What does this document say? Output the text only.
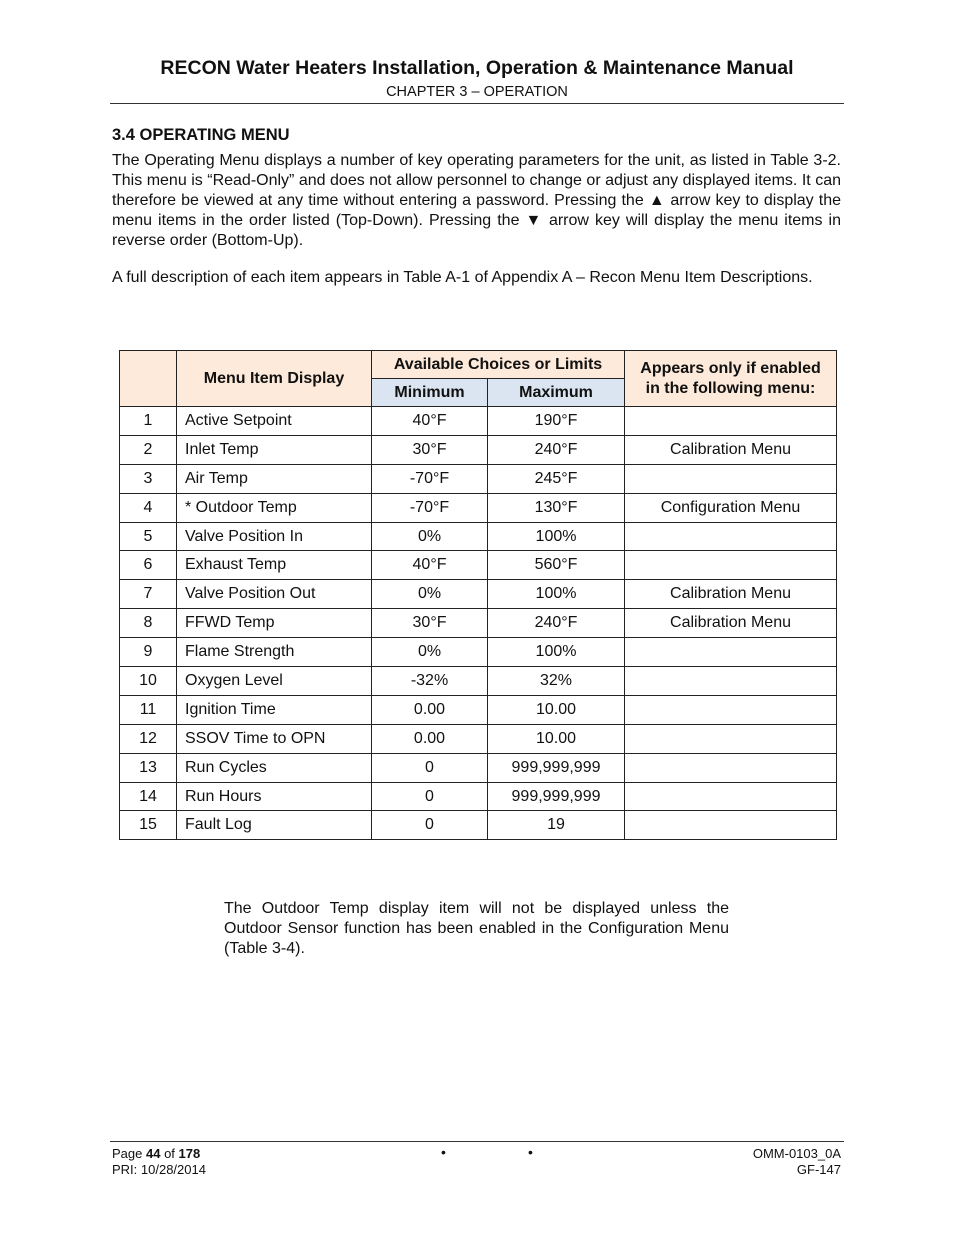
RECON Water Heaters Installation, Operation & Maintenance Manual
CHAPTER 3 – OPERATION
3.4 OPERATING MENU

The Operating Menu displays a number of key operating parameters for the unit, as listed in Table 3-2. This menu is “Read-Only” and does not allow personnel to change or adjust any displayed items. It can therefore be viewed at any time without entering a password. Pressing the ▲ arrow key to display the menu items in the order listed (Top-Down). Pressing the ▼ arrow key will display the menu items in reverse order (Bottom-Up).

A full description of each item appears in Table A-1 of Appendix A – Recon Menu Item Descriptions.

	Menu Item Display	Available Choices or Limits		Appears only if enabled in the following menu:
		Minimum	Maximum	
1	Active Setpoint	40°F	190°F	
2	Inlet Temp	30°F	240°F	Calibration Menu
3	Air Temp	-70°F	245°F	
4	* Outdoor Temp	-70°F	130°F	Configuration Menu
5	Valve Position In	0%	100%	
6	Exhaust Temp	40°F	560°F	
7	Valve Position Out	0%	100%	Calibration Menu
8	FFWD Temp	30°F	240°F	Calibration Menu
9	Flame Strength	0%	100%	
10	Oxygen Level	-32%	32%	
11	Ignition Time	0.00	10.00	
12	SSOV Time to OPN	0.00	10.00	
13	Run Cycles	0	999,999,999	
14	Run Hours	0	999,999,999	
15	Fault Log	0	19	

The Outdoor Temp display item will not be displayed unless the Outdoor Sensor function has been enabled in the Configuration Menu (Table 3-4).

Page 44 of 178
PRI: 10/28/2014
•	•	OMM-0103_0A
GF-147
